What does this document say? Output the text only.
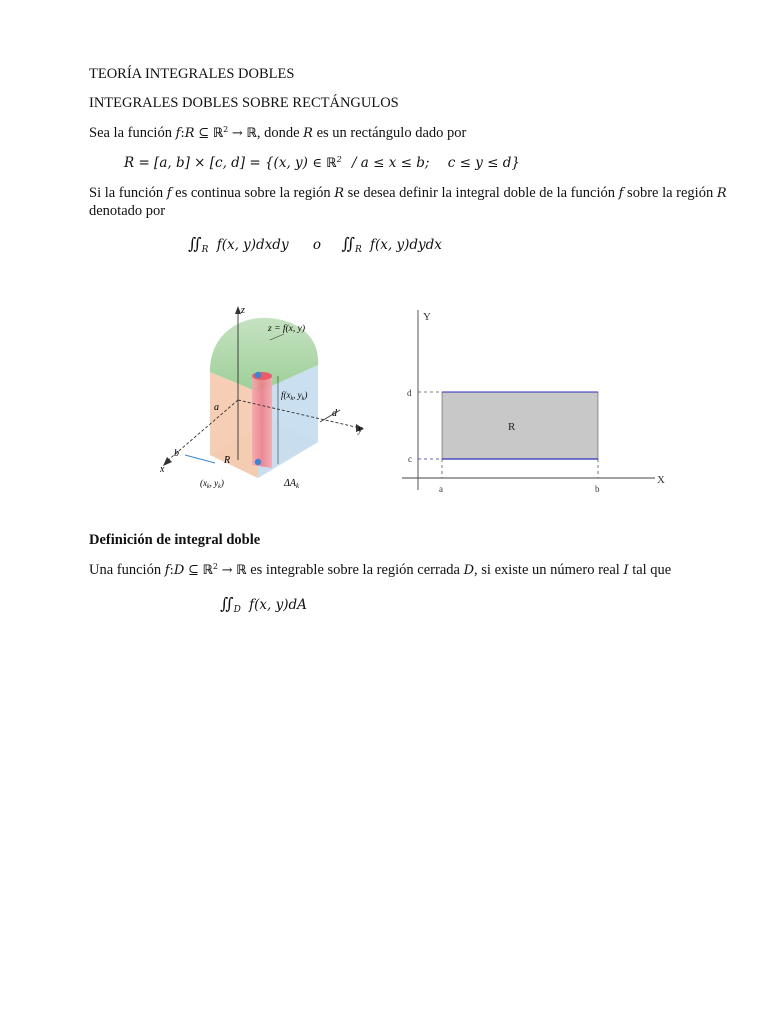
TEORÍA INTEGRALES DOBLES
INTEGRALES DOBLES SOBRE RECTÁNGULOS
Sea la función f:R ⊆ ℝ$^2$ → ℝ, donde R es un rectángulo dado por
R = [a, b] × [c, d] = {(x, y) ∈ ℝ$^2$ / a ≤ x ≤ b; c ≤ y ≤ d}
Si la función f es continua sobre la región R se desea definir la integral doble de la función f sobre la región R
denotado por
$∬_R$ f(x, y)dxdy o $∬_R$ f(x, y)dydx
z
z = f(x, y)
$f(x_k$, $y_k$)
a
d
y
b
x
R
($x_k$, $y_k$)	$\Delta A_k$
Y
X
d
c
a	b
R
Definición de integral doble
Una función f:D ⊆ ℝ$^2$ → ℝ es integrable sobre la región cerrada D, si existe un número real I tal que
$∬_D$ f(x, y)dA
